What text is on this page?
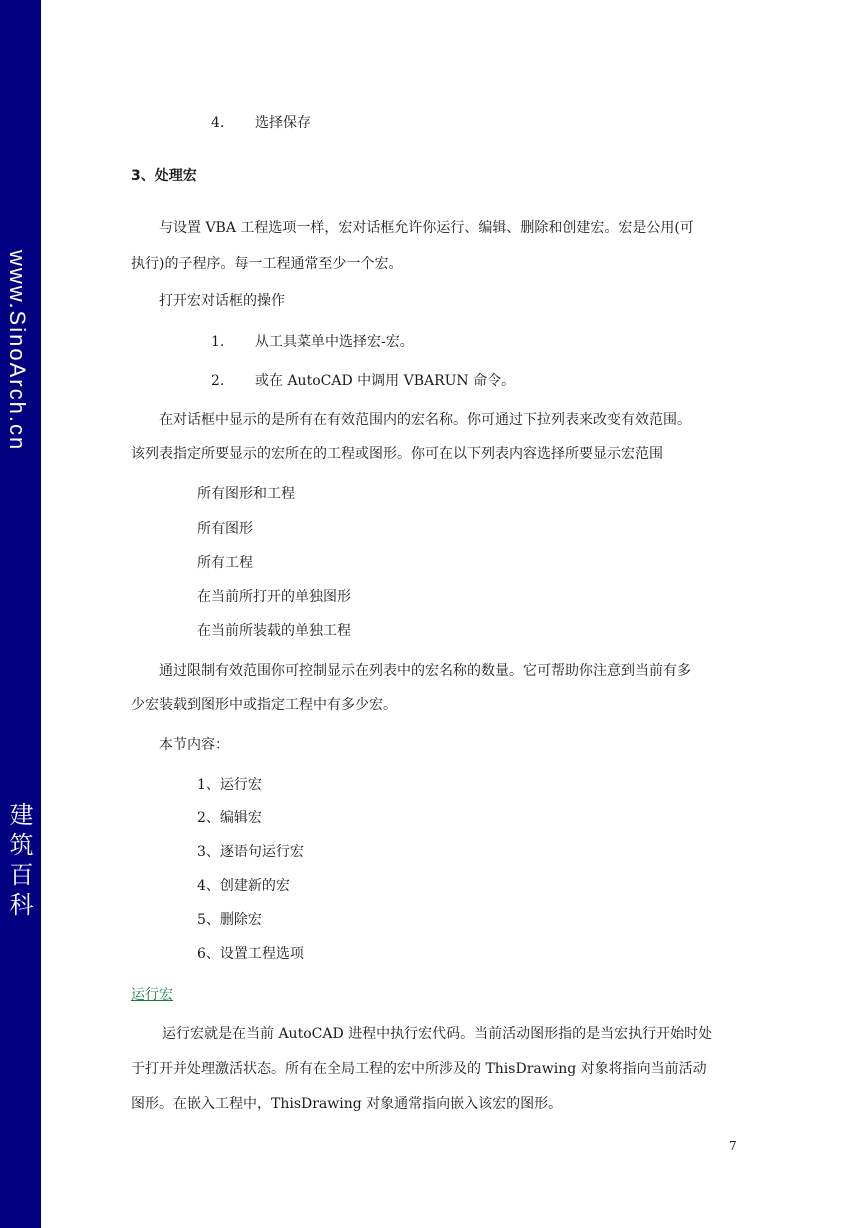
www.SinoArch.cn
建筑百科
4. 选择保存
3、处理宏
与设置 VBA 工程选项一样，宏对话框允许你运行、编辑、删除和创建宏。宏是公用(可
执行)的子程序。每一工程通常至少一个宏。
打开宏对话框的操作
1. 从工具菜单中选择宏-宏。
2. 或在 AutoCAD 中调用 VBARUN 命令。
在对话框中显示的是所有在有效范围内的宏名称。你可通过下拉列表来改变有效范围。
该列表指定所要显示的宏所在的工程或图形。你可在以下列表内容选择所要显示宏范围
所有图形和工程
所有图形
所有工程
在当前所打开的单独图形
在当前所装载的单独工程
通过限制有效范围你可控制显示在列表中的宏名称的数量。它可帮助你注意到当前有多
少宏装载到图形中或指定工程中有多少宏。
本节内容：
1、运行宏
2、编辑宏
3、逐语句运行宏
4、创建新的宏
5、删除宏
6、设置工程选项
运行宏
运行宏就是在当前 AutoCAD 进程中执行宏代码。当前活动图形指的是当宏执行开始时处
于打开并处理激活状态。所有在全局工程的宏中所涉及的 ThisDrawing 对象将指向当前活动
图形。在嵌入工程中，ThisDrawing 对象通常指向嵌入该宏的图形。
7
